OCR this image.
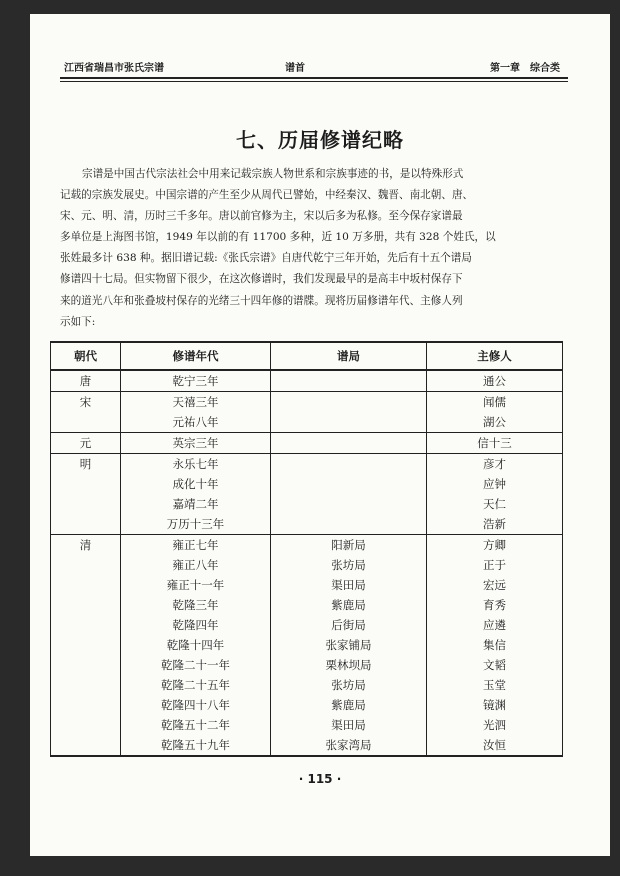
江西省瑞昌市张氏宗谱	谱首	第一章　综合类
七、历届修谱纪略
宗谱是中国古代宗法社会中用来记载宗族人物世系和宗族事迹的书，是以特殊形式
记载的宗族发展史。中国宗谱的产生至少从周代已譬始，中经秦汉、魏晋、南北朝、唐、
宋、元、明、清，历时三千多年。唐以前官修为主，宋以后多为私修。至今保存家谱最
多单位是上海图书馆，1949 年以前的有 11700 多种，近 10 万多册，共有 328 个姓氏，以
张姓最多计 638 种。据旧谱记载:《张氏宗谱》自唐代乾宁三年开始，先后有十五个谱局
修谱四十七局。但实物留下很少，在这次修谱时，我们发现最早的是高丰中坂村保存下
来的道光八年和张叠坡村保存的光绪三十四年修的谱牒。现将历届修谱年代、主修人列
示如下:
朝代	修谱年代	谱局	主修人
唐	乾宁三年		通公
宋	天禧三年		闻儒
	元祐八年		湖公
元	英宗三年		信十三
明	永乐七年		彦才
	成化十年		应钟
	嘉靖二年		天仁
	万历十三年		浩新
清	雍正七年	阳新局	方卿
	雍正八年	张坊局	正于
	雍正十一年	渠田局	宏远
	乾隆三年	紫鹿局	育秀
	乾隆四年	后街局	应遴
	乾隆十四年	张家铺局	集信
	乾隆二十一年	栗林坝局	文韬
	乾隆二十五年	张坊局	玉堂
	乾隆四十八年	紫鹿局	镜渊
	乾隆五十二年	渠田局	光泗
	乾隆五十九年	张家湾局	汝恒
· 115 ·
